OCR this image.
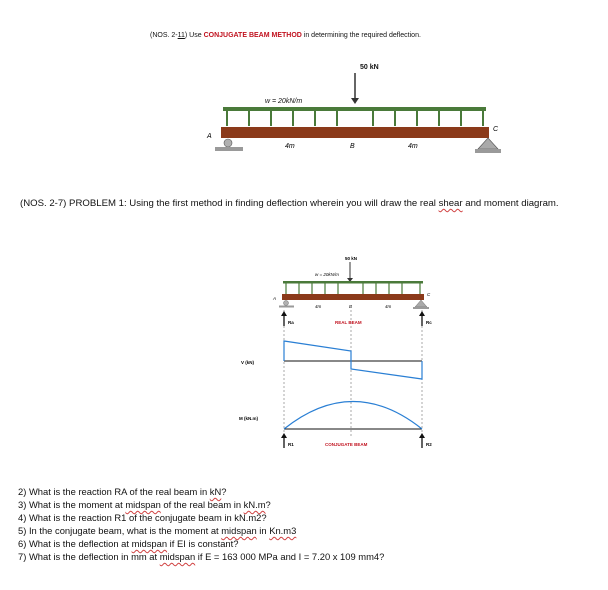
(NOS. 2-11) Use CONJUGATE BEAM METHOD in determining the required deflection.
50 kN
w = 20kN/m
A
C
B
4m	4m
(NOS. 2-7) PROBLEM 1: Using the first method in finding deflection wherein you will draw the real shear and moment diagram.
50 kN
w = 20kN/m
A
C
B
4m	4m
Ra	Rc
REAL BEAM
V (kN)
M (kN.m)
R1	R2
CONJUGATE BEAM
2) What is the reaction RA of the real beam in kN?
3) What is the moment at midspan of the real beam in kN.m?
4) What is the reaction R1 of the conjugate beam in kN.m2?
5) In the conjugate beam, what is the moment at midspan in Kn.m3
6) What is the deflection at midspan if EI is constant?
7) What is the deflection in mm at midspan if E = 163 000 MPa and I = 7.20 x 109 mm4?
